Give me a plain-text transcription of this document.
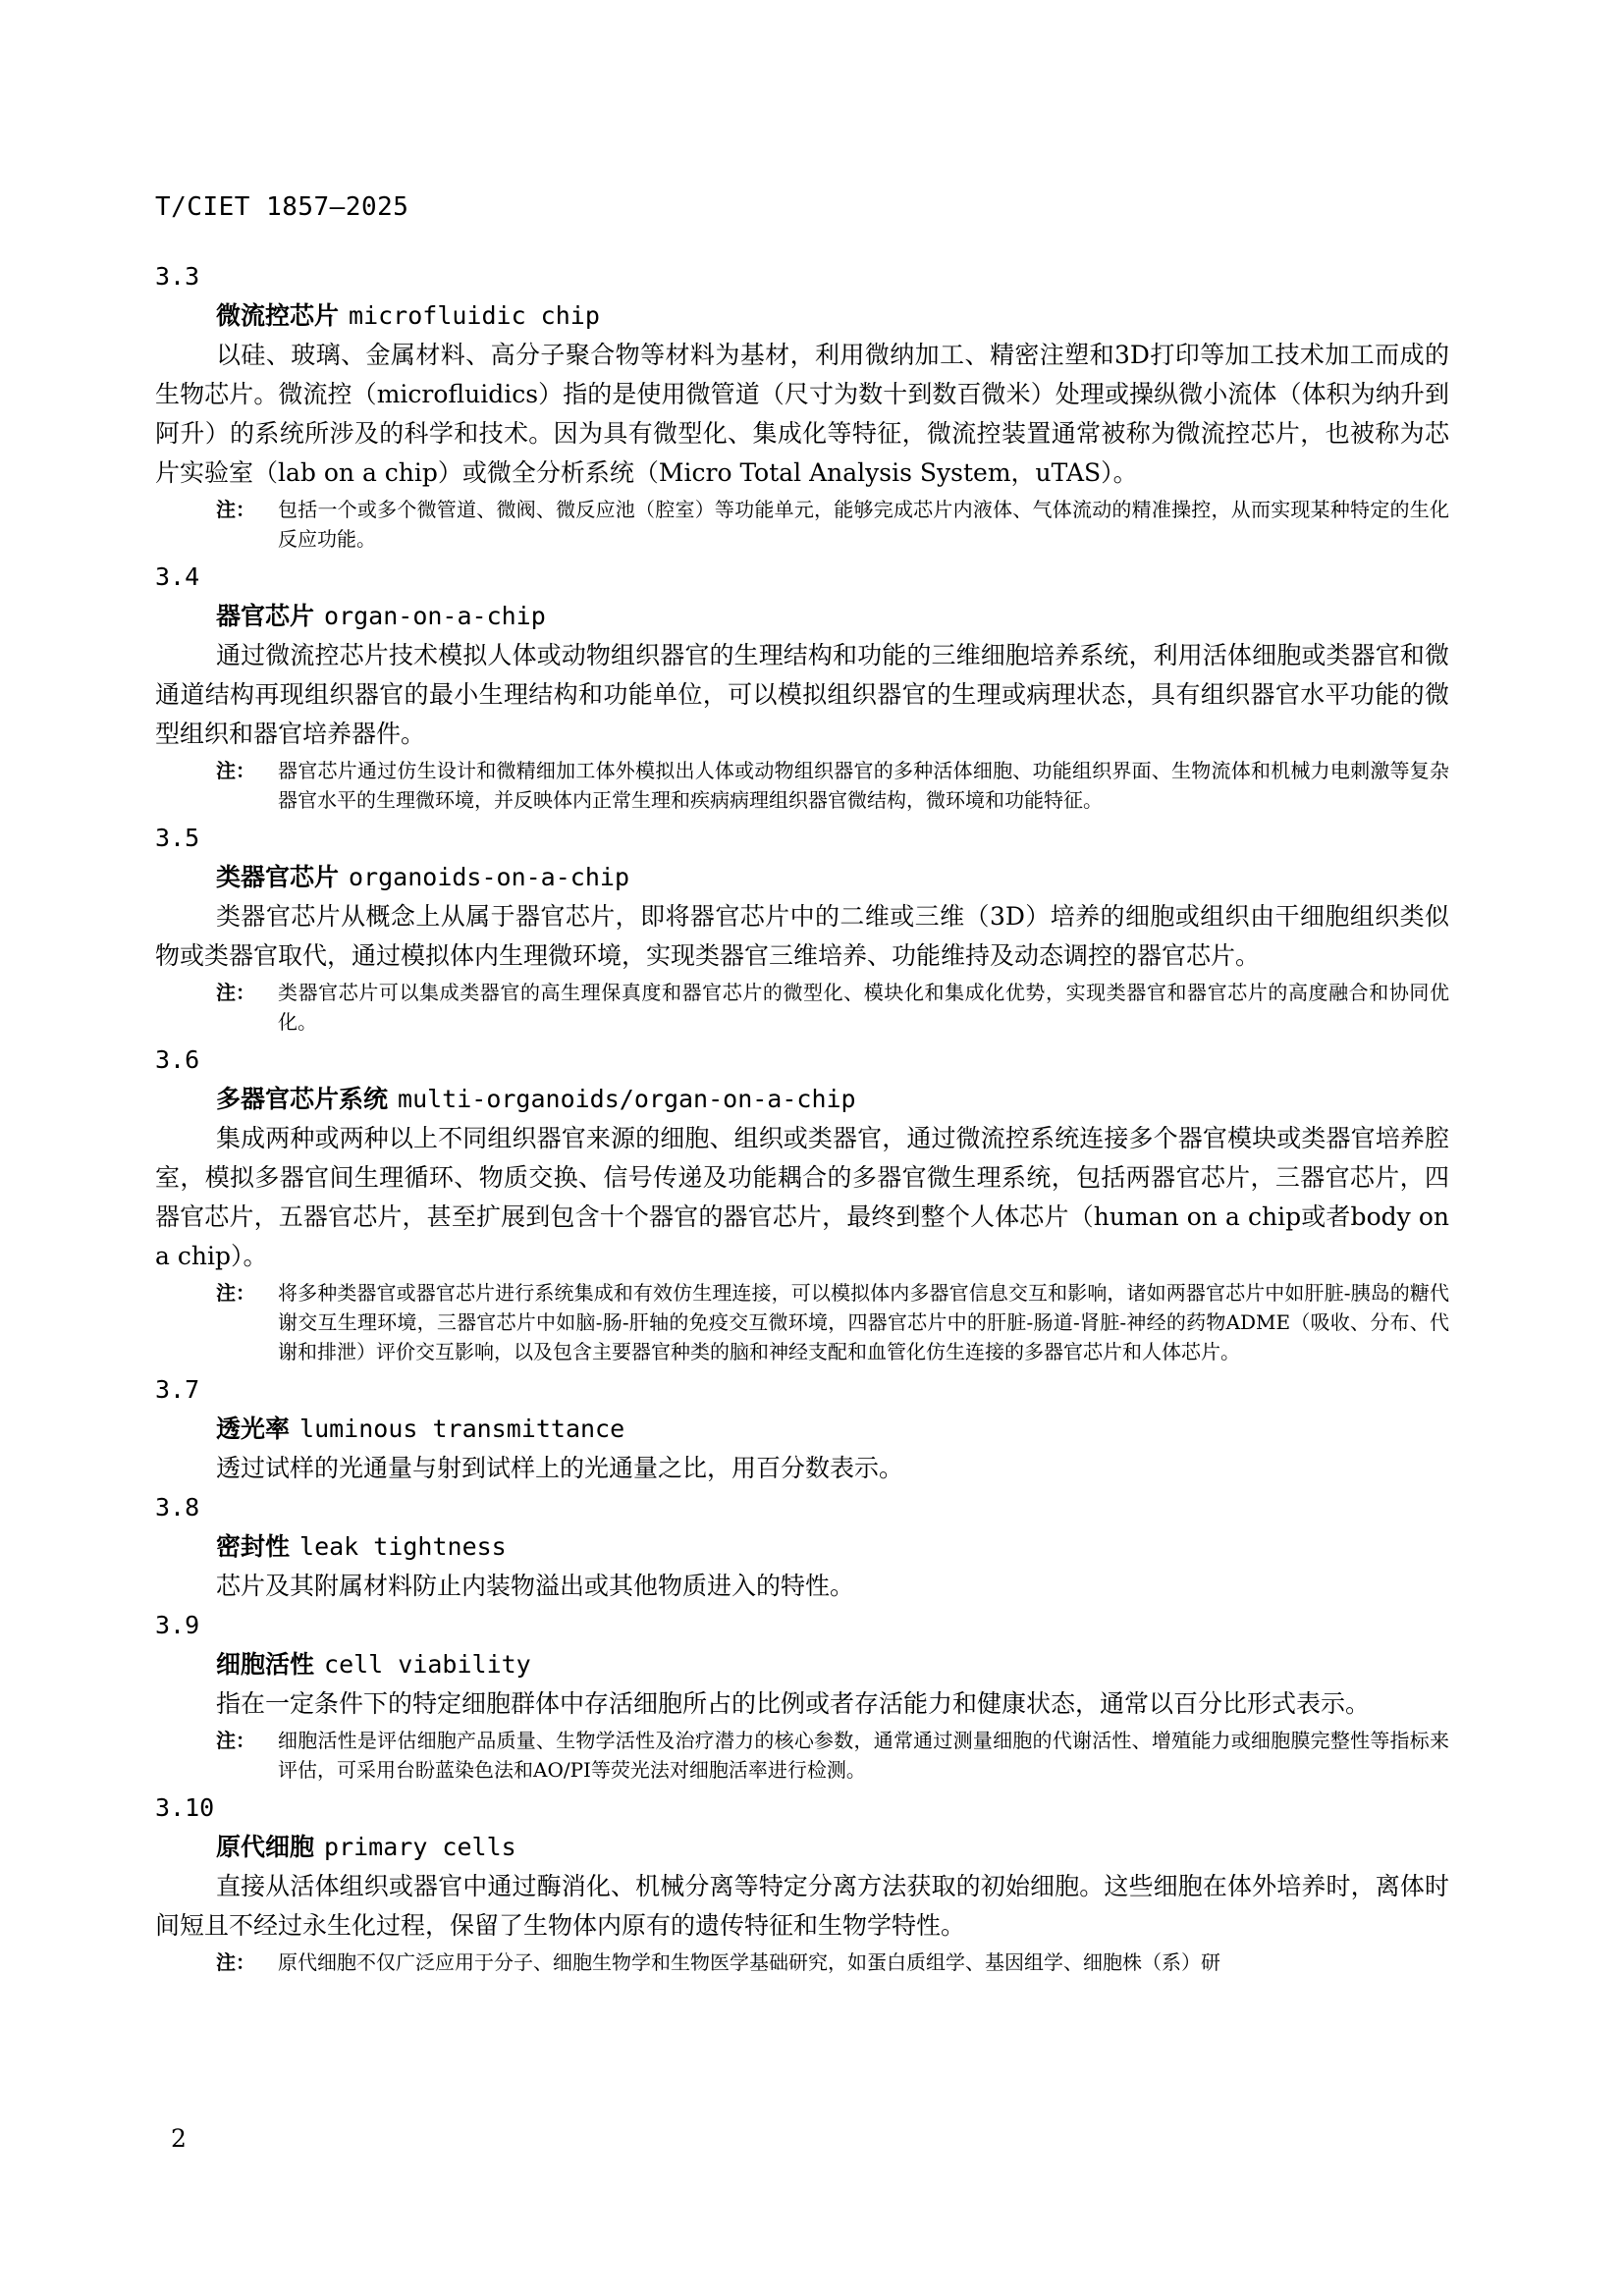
T/CIET 1857—2025
3.3
微流控芯片 microfluidic chip
以硅、玻璃、金属材料、高分子聚合物等材料为基材，利用微纳加工、精密注塑和3D打印等加工技术加工而成的生物芯片。微流控（microfluidics）指的是使用微管道（尺寸为数十到数百微米）处理或操纵微小流体（体积为纳升到阿升）的系统所涉及的科学和技术。因为具有微型化、集成化等特征，微流控装置通常被称为微流控芯片，也被称为芯片实验室（lab on a chip）或微全分析系统（Micro Total Analysis System，uTAS）。
注： 包括一个或多个微管道、微阀、微反应池（腔室）等功能单元，能够完成芯片内液体、气体流动的精准操控，从而实现某种特定的生化反应功能。
3.4
器官芯片 organ-on-a-chip
通过微流控芯片技术模拟人体或动物组织器官的生理结构和功能的三维细胞培养系统，利用活体细胞或类器官和微通道结构再现组织器官的最小生理结构和功能单位，可以模拟组织器官的生理或病理状态，具有组织器官水平功能的微型组织和器官培养器件。
注： 器官芯片通过仿生设计和微精细加工体外模拟出人体或动物组织器官的多种活体细胞、功能组织界面、生物流体和机械力电刺激等复杂器官水平的生理微环境，并反映体内正常生理和疾病病理组织器官微结构，微环境和功能特征。
3.5
类器官芯片 organoids-on-a-chip
类器官芯片从概念上从属于器官芯片，即将器官芯片中的二维或三维（3D）培养的细胞或组织由干细胞组织类似物或类器官取代，通过模拟体内生理微环境，实现类器官三维培养、功能维持及动态调控的器官芯片。
注： 类器官芯片可以集成类器官的高生理保真度和器官芯片的微型化、模块化和集成化优势，实现类器官和器官芯片的高度融合和协同优化。
3.6
多器官芯片系统 multi-organoids/organ-on-a-chip
集成两种或两种以上不同组织器官来源的细胞、组织或类器官，通过微流控系统连接多个器官模块或类器官培养腔室，模拟多器官间生理循环、物质交换、信号传递及功能耦合的多器官微生理系统，包括两器官芯片，三器官芯片，四器官芯片，五器官芯片，甚至扩展到包含十个器官的器官芯片，最终到整个人体芯片（human on a chip或者body on a chip）。
注： 将多种类器官或器官芯片进行系统集成和有效仿生理连接，可以模拟体内多器官信息交互和影响，诸如两器官芯片中如肝脏-胰岛的糖代谢交互生理环境，三器官芯片中如脑-肠-肝轴的免疫交互微环境，四器官芯片中的肝脏-肠道-肾脏-神经的药物ADME（吸收、分布、代谢和排泄）评价交互影响，以及包含主要器官种类的脑和神经支配和血管化仿生连接的多器官芯片和人体芯片。
3.7
透光率 luminous transmittance
透过试样的光通量与射到试样上的光通量之比，用百分数表示。
3.8
密封性 leak tightness
芯片及其附属材料防止内装物溢出或其他物质进入的特性。
3.9
细胞活性 cell viability
指在一定条件下的特定细胞群体中存活细胞所占的比例或者存活能力和健康状态，通常以百分比形式表示。
注： 细胞活性是评估细胞产品质量、生物学活性及治疗潜力的核心参数，通常通过测量细胞的代谢活性、增殖能力或细胞膜完整性等指标来评估，可采用台盼蓝染色法和AO/PI等荧光法对细胞活率进行检测。
3.10
原代细胞 primary cells
直接从活体组织或器官中通过酶消化、机械分离等特定分离方法获取的初始细胞。这些细胞在体外培养时，离体时间短且不经过永生化过程，保留了生物体内原有的遗传特征和生物学特性。
注： 原代细胞不仅广泛应用于分子、细胞生物学和生物医学基础研究，如蛋白质组学、基因组学、细胞株（系）研
2
